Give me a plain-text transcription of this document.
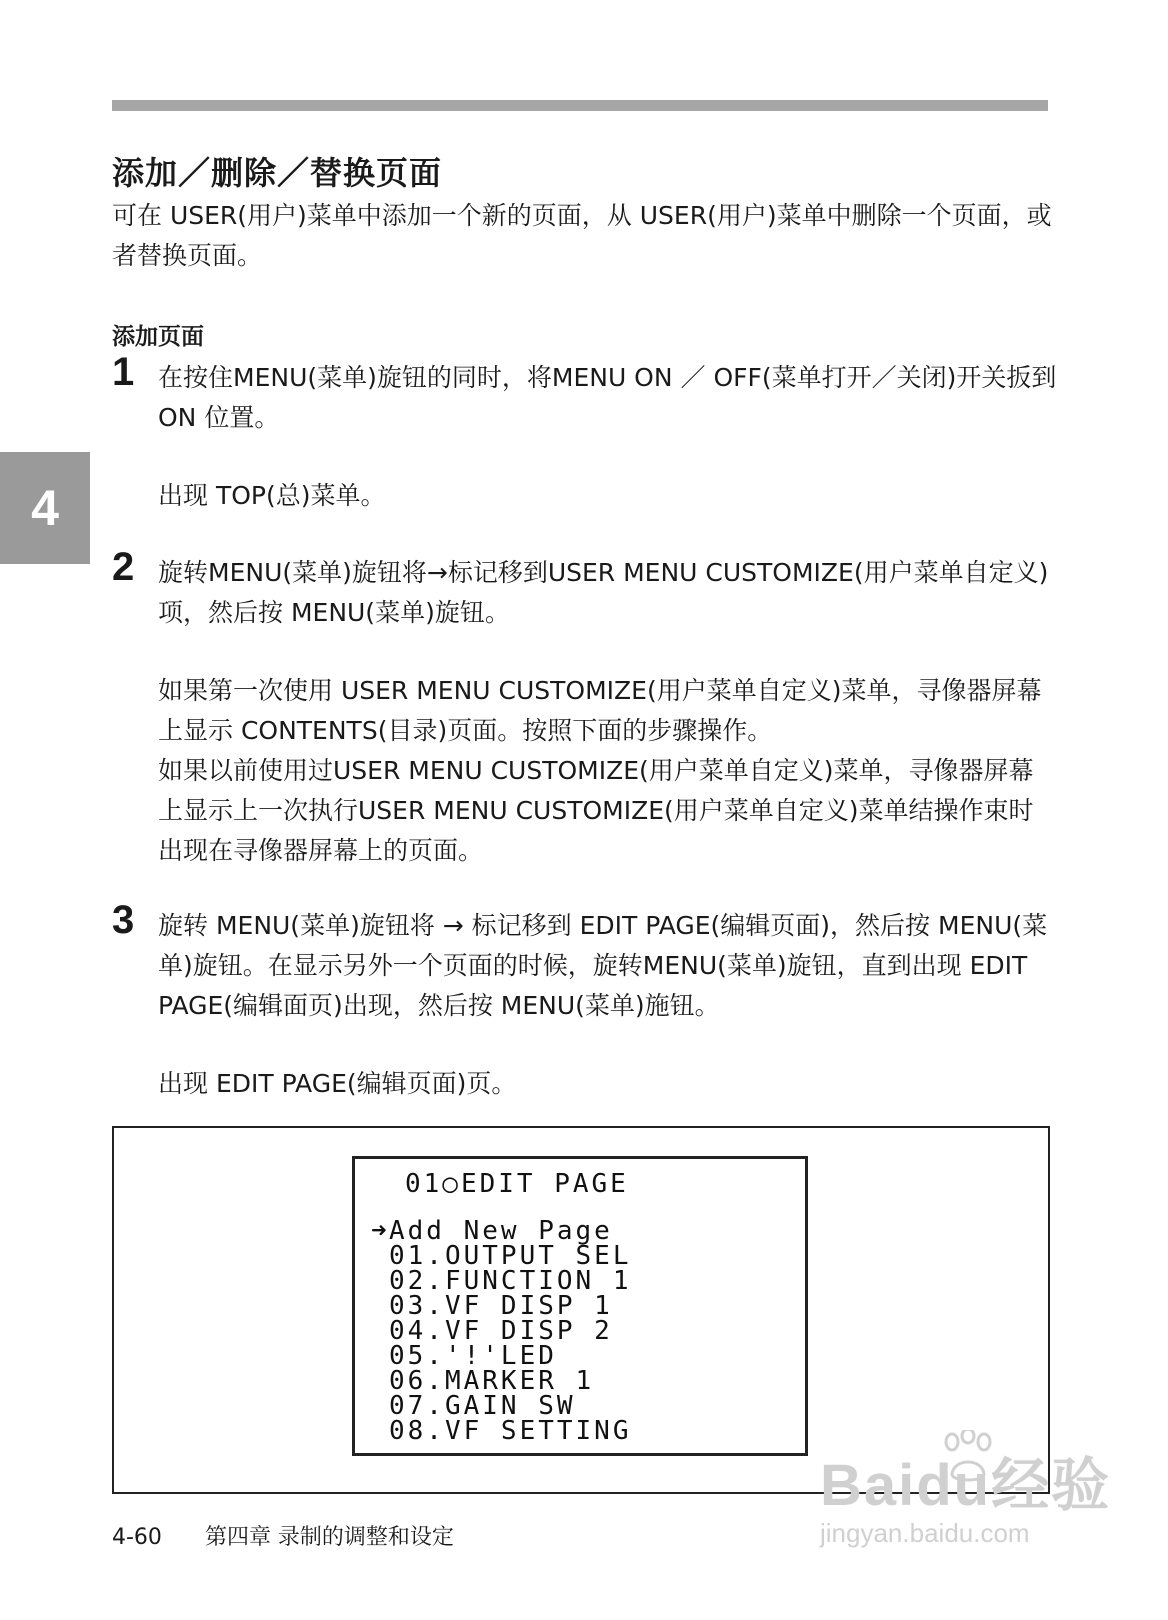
4
添加／删除／替换页面
可在 USER(用户)菜单中添加一个新的页面，从 USER(用户)菜单中删除一个页面，或者替换页面。
添加页面
1 在按住MENU(菜单)旋钮的同时，将MENU ON ／ OFF(菜单打开／关闭)开关扳到 ON 位置。

出现 TOP(总)菜单。

2 旋转MENU(菜单)旋钮将→标记移到USER MENU CUSTOMIZE(用户菜单自定义)项，然后按 MENU(菜单)旋钮。

如果第一次使用 USER MENU CUSTOMIZE(用户菜单自定义)菜单，寻像器屏幕上显示 CONTENTS(目录)页面。按照下面的步骤操作。

如果以前使用过USER MENU CUSTOMIZE(用户菜单自定义)菜单，寻像器屏幕上显示上一次执行USER MENU CUSTOMIZE(用户菜单自定义)菜单结操作束时出现在寻像器屏幕上的页面。

3 旋转 MENU(菜单)旋钮将 → 标记移到 EDIT PAGE(编辑页面)，然后按 MENU(菜单)旋钮。在显示另外一个页面的时候，旋转MENU(菜单)旋钮，直到出现 EDIT PAGE(编辑面页)出现，然后按 MENU(菜单)施钮。

出现 EDIT PAGE(编辑页面)页。

01○EDIT PAGE
➜Add New Page
01.OUTPUT SEL
02.FUNCTION 1
03.VF DISP 1
04.VF DISP 2
05.'!'LED
06.MARKER 1
07.GAIN SW
08.VF SETTING
4-60 第四章 录制的调整和设定
Baidu经验
jingyan.baidu.com
